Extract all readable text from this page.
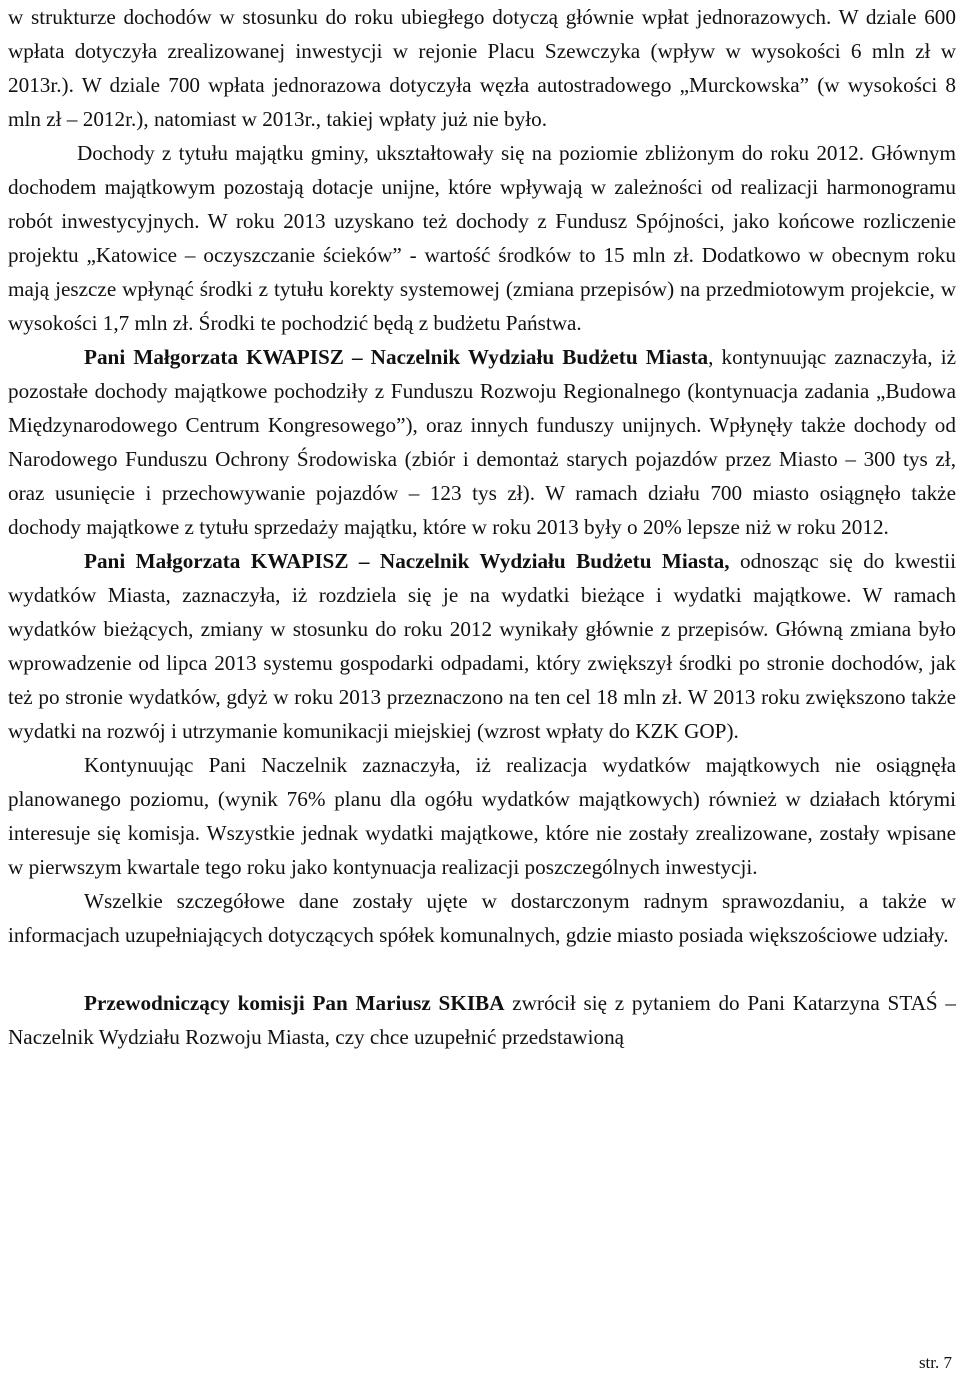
w strukturze dochodów w stosunku do roku ubiegłego dotyczą głównie wpłat jednorazowych. W dziale 600 wpłata dotyczyła zrealizowanej inwestycji w rejonie Placu Szewczyka (wpływ w wysokości 6 mln zł w 2013r.). W dziale 700 wpłata jednorazowa dotyczyła węzła autostradowego „Murckowska” (w wysokości 8 mln zł – 2012r.), natomiast w 2013r., takiej wpłaty już nie było.

Dochody z tytułu majątku gminy, ukształtowały się na poziomie zbliżonym do roku 2012. Głównym dochodem majątkowym pozostają dotacje unijne, które wpływają w zależności od realizacji harmonogramu robót inwestycyjnych. W roku 2013 uzyskano też dochody z Fundusz Spójności, jako końcowe rozliczenie projektu „Katowice – oczyszczanie ścieków” - wartość środków to 15 mln zł. Dodatkowo w obecnym roku mają jeszcze wpłynąć środki z tytułu korekty systemowej (zmiana przepisów) na przedmiotowym projekcie, w wysokości 1,7 mln zł. Środki te pochodzić będą z budżetu Państwa.

Pani Małgorzata KWAPISZ – Naczelnik Wydziału Budżetu Miasta, kontynuując zaznaczyła, iż pozostałe dochody majątkowe pochodziły z Funduszu Rozwoju Regionalnego (kontynuacja zadania „Budowa Międzynarodowego Centrum Kongresowego”), oraz innych funduszy unijnych. Wpłynęły także dochody od Narodowego Funduszu Ochrony Środowiska (zbiór i demontaż starych pojazdów przez Miasto – 300 tys zł, oraz usunięcie i przechowywanie pojazdów – 123 tys zł). W ramach działu 700 miasto osiągnęło także dochody majątkowe z tytułu sprzedaży majątku, które w roku 2013 były o 20% lepsze niż w roku 2012.

Pani Małgorzata KWAPISZ – Naczelnik Wydziału Budżetu Miasta, odnosząc się do kwestii wydatków Miasta, zaznaczyła, iż rozdziela się je na wydatki bieżące i wydatki majątkowe. W ramach wydatków bieżących, zmiany w stosunku do roku 2012 wynikały głównie z przepisów. Główną zmiana było wprowadzenie od lipca 2013 systemu gospodarki odpadami, który zwiększył środki po stronie dochodów, jak też po stronie wydatków, gdyż w roku 2013 przeznaczono na ten cel 18 mln zł. W 2013 roku zwiększono także wydatki na rozwój i utrzymanie komunikacji miejskiej (wzrost wpłaty do KZK GOP).

Kontynuując Pani Naczelnik zaznaczyła, iż realizacja wydatków majątkowych nie osiągnęła planowanego poziomu, (wynik 76% planu dla ogółu wydatków majątkowych) również w działach którymi interesuje się komisja. Wszystkie jednak wydatki majątkowe, które nie zostały zrealizowane, zostały wpisane w pierwszym kwartale tego roku jako kontynuacja realizacji poszczególnych inwestycji.

Wszelkie szczegółowe dane zostały ujęte w dostarczonym radnym sprawozdaniu, a także w informacjach uzupełniających dotyczących spółek komunalnych, gdzie miasto posiada większościowe udziały.

Przewodniczący komisji Pan Mariusz SKIBA zwrócił się z pytaniem do Pani Katarzyna STAŚ – Naczelnik Wydziału Rozwoju Miasta, czy chce uzupełnić przedstawioną

str. 7
